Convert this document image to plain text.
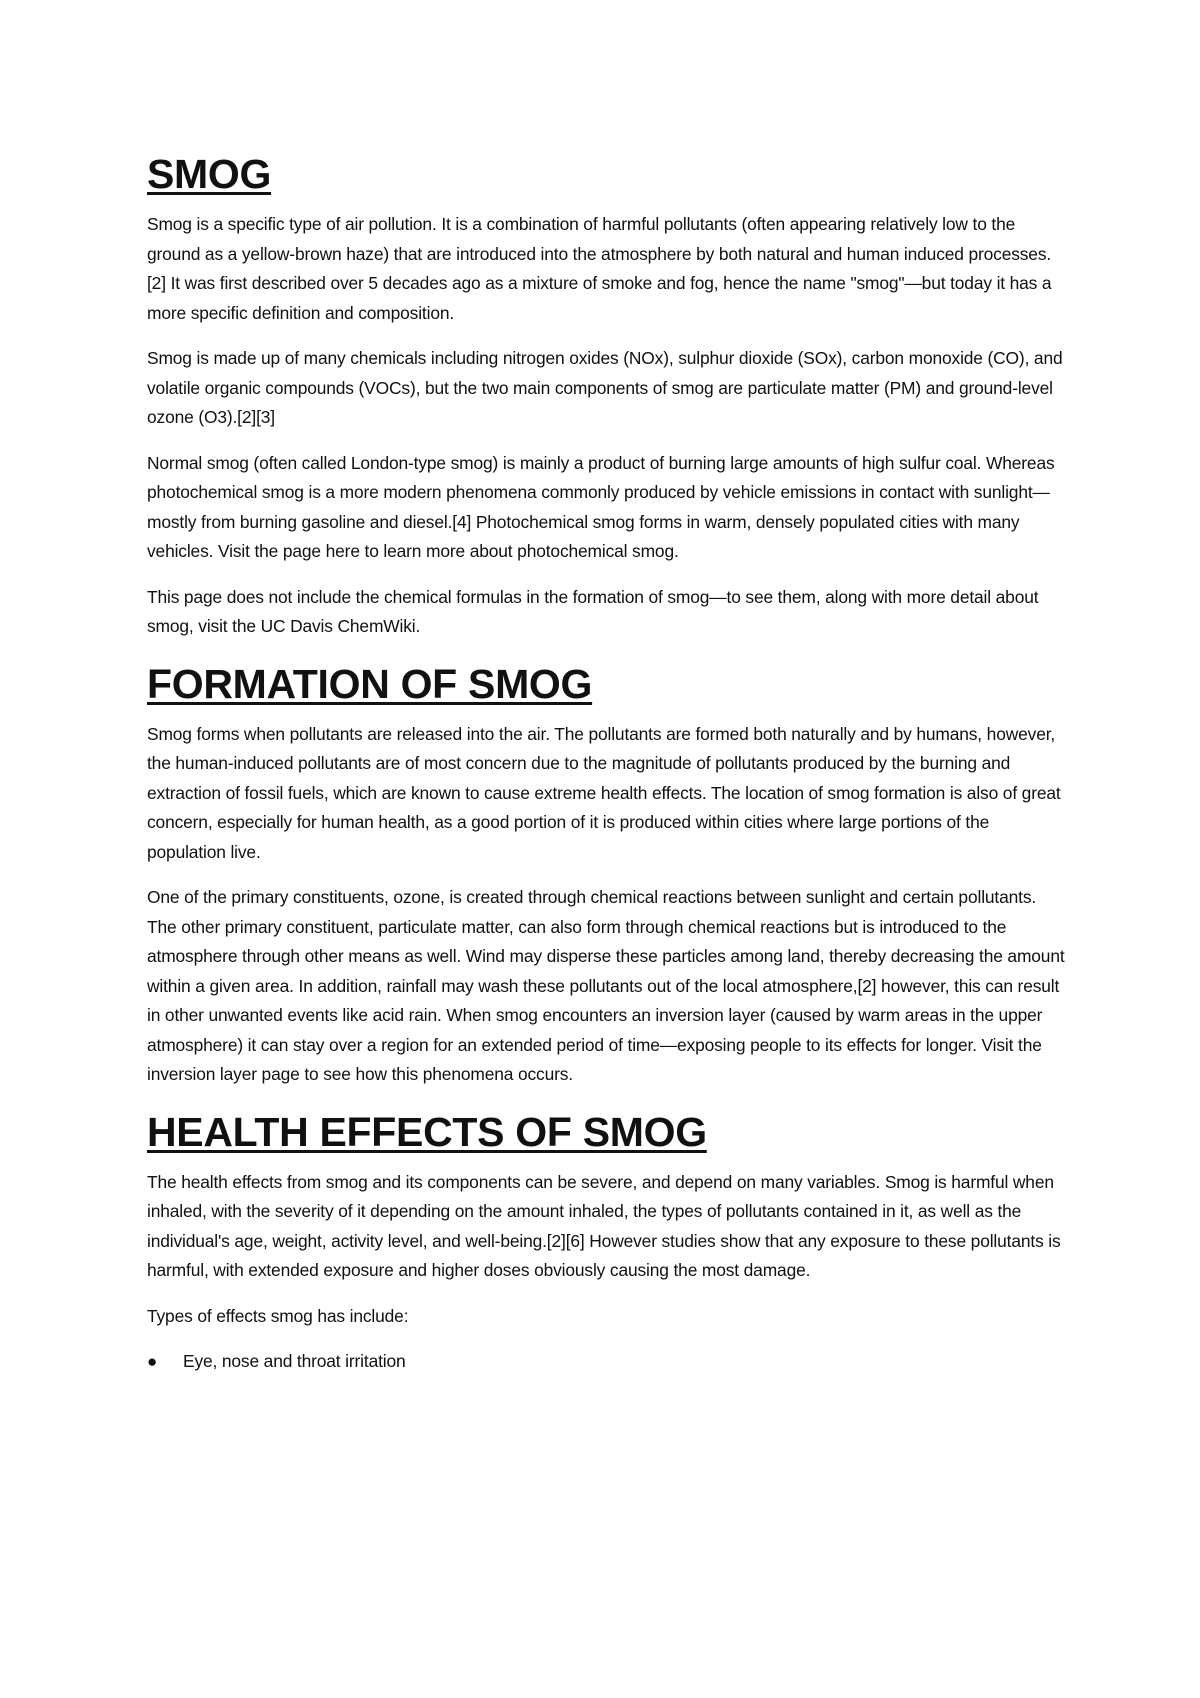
SMOG

Smog is a specific type of air pollution. It is a combination of harmful pollutants (often appearing relatively low to the ground as a yellow-brown haze) that are introduced into the atmosphere by both natural and human induced processes.[2] It was first described over 5 decades ago as a mixture of smoke and fog, hence the name "smog"—but today it has a more specific definition and composition.

Smog is made up of many chemicals including nitrogen oxides (NOx), sulphur dioxide (SOx), carbon monoxide (CO), and volatile organic compounds (VOCs), but the two main components of smog are particulate matter (PM) and ground-level ozone (O3).[2][3]

Normal smog (often called London-type smog) is mainly a product of burning large amounts of high sulfur coal. Whereas photochemical smog is a more modern phenomena commonly produced by vehicle emissions in contact with sunlight—mostly from burning gasoline and diesel.[4] Photochemical smog forms in warm, densely populated cities with many vehicles. Visit the page here to learn more about photochemical smog.

This page does not include the chemical formulas in the formation of smog—to see them, along with more detail about smog, visit the UC Davis ChemWiki.

FORMATION OF SMOG

Smog forms when pollutants are released into the air. The pollutants are formed both naturally and by humans, however, the human-induced pollutants are of most concern due to the magnitude of pollutants produced by the burning and extraction of fossil fuels, which are known to cause extreme health effects. The location of smog formation is also of great concern, especially for human health, as a good portion of it is produced within cities where large portions of the population live.

One of the primary constituents, ozone, is created through chemical reactions between sunlight and certain pollutants. The other primary constituent, particulate matter, can also form through chemical reactions but is introduced to the atmosphere through other means as well. Wind may disperse these particles among land, thereby decreasing the amount within a given area. In addition, rainfall may wash these pollutants out of the local atmosphere,[2] however, this can result in other unwanted events like acid rain. When smog encounters an inversion layer (caused by warm areas in the upper atmosphere) it can stay over a region for an extended period of time—exposing people to its effects for longer. Visit the inversion layer page to see how this phenomena occurs.

HEALTH EFFECTS OF SMOG

The health effects from smog and its components can be severe, and depend on many variables. Smog is harmful when inhaled, with the severity of it depending on the amount inhaled, the types of pollutants contained in it, as well as the individual's age, weight, activity level, and well-being.[2][6] However studies show that any exposure to these pollutants is harmful, with extended exposure and higher doses obviously causing the most damage.

Types of effects smog has include:

● Eye, nose and throat irritation
